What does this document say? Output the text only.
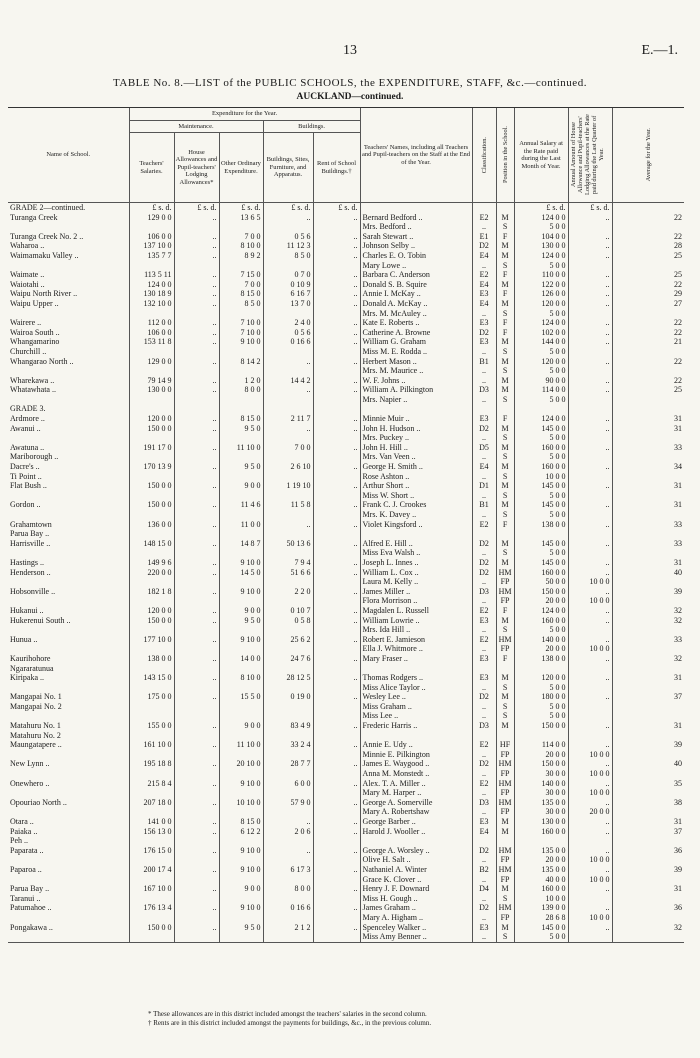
13	E.—1.
TABLE No. 8.—LIST of the PUBLIC SCHOOLS, the EXPENDITURE, STAFF, &c.—continued.
AUCKLAND—continued.
Name of School.	Expenditure for the Year.					Teachers' Names, including all Teachers and Pupil-teachers on the Staff at the End of the Year.	Classification.	Position in the School.	Annual Salary at the Rate paid during the Last Month of Year.	Annual Amount of House Allowance and Pupil-teachers' Lodging Allowances at the Rate paid during the Last Quarter of Year.	Average for the Year.

	Maintenance.			Buildings.							
	Teachers' Salaries.	House Allowances and Pupil-teachers' Lodging Allowances*	Other Ordinary Expenditure.	Buildings, Sites, Furniture, and Apparatus.	Rent of School Buildings.†						
GRADE 2—continued.	£ s. d.	£ s. d.	£ s. d.	£ s. d.	£ s. d.				£ s. d.	£ s. d.	
Turanga Creek	129 0 0	..	13 6 5	..	..	Bernard Bedford ..	E2	M	124 0 0	..	22
						Mrs. Bedford ..	..	S	5 0 0		
Turanga Creek No. 2 ..	106 0 0	..	7 0 0	0 5 6	..	Sarah Stewart ..	E1	F	104 0 0	..	22
Waharoa ..	137 10 0	..	8 10 0	11 12 3	..	Johnson Selby ..	D2	M	130 0 0	..	28
Waimamaku Valley ..	135 7 7	..	8 9 2	8 5 0	..	Charles E. O. Tobin	E4	M	124 0 0	..	25
						Mary Lowe ..	..	S	5 0 0		
Waimate ..	113 5 11	..	7 15 0	0 7 0	..	Barbara C. Anderson	E2	F	110 0 0	..	25
Waiotahi ..	124 0 0	..	7 0 0	0 10 9	..	Donald S. B. Squire	E4	M	122 0 0	..	22
Waipu North River ..	130 18 9	..	8 15 0	6 16 7	..	Annie I. McKay ..	E3	F	126 0 0	..	29
Waipu Upper ..	132 10 0	..	8 5 0	13 7 0	..	Donald A. McKay ..	E4	M	120 0 0	..	27
						Mrs. M. McAuley ..	..	S	5 0 0		
Wairere ..	112 0 0	..	7 10 0	2 4 0	..	Kate E. Roberts ..	E3	F	124 0 0	..	22
Wairoa South ..	106 0 0	..	7 10 0	0 5 6	..	Catherine A. Browne	D2	F	102 0 0	..	22
Whangamarino	153 11 8	..	9 10 0	0 16 6	..	William G. Graham	E3	M	144 0 0	..	21
Churchill ..						Miss M. E. Rodda ..	..	S	5 0 0		
Whangarao North ..	129 0 0	..	8 14 2	..	..	Herbert Mason ..	B1	M	120 0 0	..	22
						Mrs. M. Maurice ..	..	S	5 0 0		
Wharekawa ..	79 14 9	..	1 2 0	14 4 2	..	W. F. Johns ..	..	M	90 0 0	..	22
Whatawhata ..	130 0 0	..	8 0 0	..	..	William A. Pilkington	D3	M	114 0 0	..	25
						Mrs. Napier ..	..	S	5 0 0		

GRADE 3.											
Ardmore ..	120 0 0	..	8 15 0	2 11 7	..	Minnie Muir ..	E3	F	124 0 0	..	31
Awanui ..	150 0 0	..	9 5 0	..	..	John H. Hudson ..	D2	M	145 0 0	..	31
						Mrs. Puckey ..	..	S	5 0 0		
Awatuna ..	191 17 0	..	11 10 0	7 0 0	..	John H. Hill ..	D5	M	160 0 0	..	33
Mariborough ..						Mrs. Van Veen ..	..	S	5 0 0		
Dacre's ..	170 13 9	..	9 5 0	2 6 10	..	George H. Smith ..	E4	M	160 0 0	..	34
Ti Point ..						Rose Ashton ..	..	S	10 0 0		
Flat Bush ..	150 0 0	..	9 0 0	1 19 10	..	Arthur Short ..	D1	M	145 0 0	..	31
						Miss W. Short ..	..	S	5 0 0		
Gordon ..	150 0 0	..	11 4 6	11 5 8	..	Frank C. J. Crookes	B1	M	145 0 0	..	31
						Mrs. K. Davey ..	..	S	5 0 0		
Grahamtown	136 0 0	..	11 0 0	..	..	Violet Kingsford ..	E2	F	138 0 0	..	33
Parua Bay ..											
Harrisville ..	148 15 0	..	14 8 7	50 13 6	..	Alfred E. Hill ..	D2	M	145 0 0	..	33
						Miss Eva Walsh ..	..	S	5 0 0		
Hastings ..	149 9 6	..	9 10 0	7 9 4	..	Joseph L. Innes ..	D2	M	145 0 0	..	31
Henderson ..	220 0 0	..	14 5 0	51 6 6	..	William L. Cox ..	D2	HM	160 0 0	..	40
						Laura M. Kelly ..	..	FP	50 0 0	10 0 0	
Hobsonville ..	182 1 8	..	9 10 0	2 2 0	..	James Miller ..	D3	HM	150 0 0	..	39
						Flora Morrison ..	..	FP	20 0 0	10 0 0	
Hukanui ..	120 0 0	..	9 0 0	0 10 7	..	Magdalen L. Russell	E2	F	124 0 0	..	32
Hukerenui South ..	150 0 0	..	9 5 0	0 5 8	..	William Lowrie ..	E3	M	160 0 0	..	32
						Mrs. Ida Hill ..	..	S	5 0 0		
Hunua ..	177 10 0	..	9 10 0	25 6 2	..	Robert E. Jamieson	E2	HM	140 0 0	..	33
						Ella J. Whitmore ..	..	FP	20 0 0	10 0 0	
Kaurihohore	138 0 0	..	14 0 0	24 7 6	..	Mary Fraser ..	E3	F	138 0 0	..	32
Ngararatunua											
Kiripaka ..	143 15 0	..	8 10 0	28 12 5	..	Thomas Rodgers ..	E3	M	120 0 0	..	31
						Miss Alice Taylor ..	..	S	5 0 0		
Mangapai No. 1	175 0 0	..	15 5 0	0 19 0	..	Wesley Lee ..	D2	M	180 0 0	..	37
Mangapai No. 2						Miss Graham ..	..	S	5 0 0		
						Miss Lee ..	..	S	5 0 0		
Matahuru No. 1	155 0 0	..	9 0 0	83 4 9	..	Frederic Harris ..	D3	M	150 0 0	..	31
Matahuru No. 2											
Maungatapere ..	161 10 0	..	11 10 0	33 2 4	..	Annie E. Udy ..	E2	HF	114 0 0	..	39
						Minnie E. Pilkington	..	FP	20 0 0	10 0 0	
New Lynn ..	195 18 8	..	20 10 0	28 7 7	..	James E. Waygood ..	D2	HM	150 0 0	..	40
						Anna M. Monstedt ..	..	FP	30 0 0	10 0 0	
Onewhero ..	215 8 4	..	9 10 0	6 0 0	..	Alex. T. A. Miller ..	E2	HM	140 0 0	..	35
						Mary M. Harper ..	..	FP	30 0 0	10 0 0	
Opouriao North ..	207 18 0	..	10 10 0	57 9 0	..	George A. Somerville	D3	HM	135 0 0	..	38
						Mary A. Robertshaw	..	FP	30 0 0	20 0 0	
Otara ..	141 0 0	..	8 15 0	..	..	George Barber ..	E3	M	130 0 0	..	31
Paiaka ..	156 13 0	..	6 12 2	2 0 6	..	Harold J. Wooller ..	E4	M	160 0 0	..	37
Peh ..											
Paparata ..	176 15 0	..	9 10 0	..	..	George A. Worsley ..	D2	HM	135 0 0	..	36
						Olive H. Salt ..	..	FP	20 0 0	10 0 0	
Paparoa ..	200 17 4	..	9 10 0	6 17 3	..	Nathaniel A. Winter	B2	HM	135 0 0	..	39
						Grace K. Clover ..	..	FP	40 0 0	10 0 0	
Parua Bay ..	167 10 0	..	9 0 0	8 0 0	..	Henry J. F. Downard	D4	M	160 0 0	..	31
Taranui ..						Miss H. Gough ..	..	S	10 0 0		
Patumahoe ..	176 13 4	..	9 10 0	0 16 6	..	James Graham ..	D2	HM	139 0 0	..	36
						Mary A. Higham ..	..	FP	28 6 8	10 0 0	
Pongakawa ..	150 0 0	..	9 5 0	2 1 2	..	Spenceley Walker ..	E3	M	145 0 0	..	32
						Miss Amy Benner ..	..	S	5 0 0		
* These allowances are in this district included amongst the teachers' salaries in the second column.
† Rents are in this district included amongst the payments for buildings, &c., in the previous column.
